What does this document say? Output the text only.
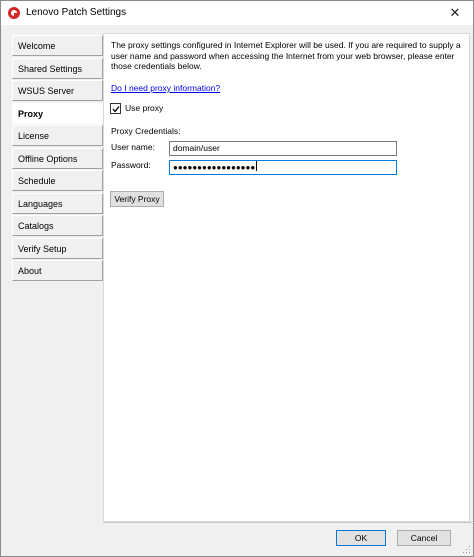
Lenovo Patch Settings	✕
Welcome
Shared Settings
WSUS Server
Proxy
License
Offline Options
Schedule
Languages
Catalogs
Verify Setup
About
The proxy settings configured in Internet Explorer will be used. If you are required to supply a user name and password when accessing the Internet from your web browser, please enter those credentials below.
Do I need proxy information?
Use proxy
Proxy Credentials:
User name:	domain/user
Password:	●●●●●●●●●●●●●●●●●
Verify Proxy
OK	Cancel
